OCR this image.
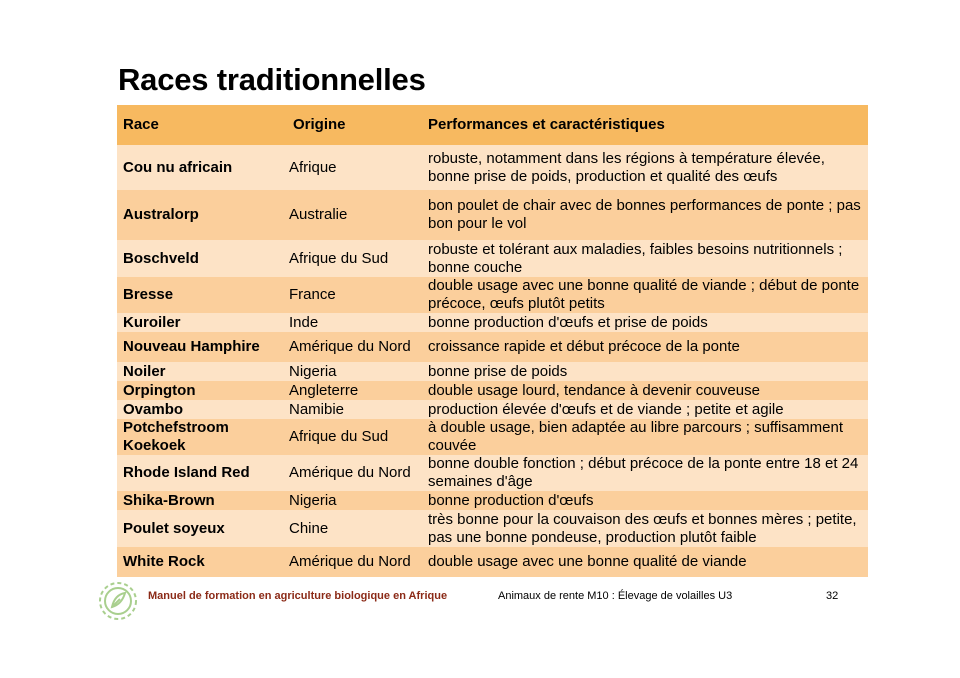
Races traditionnelles
Race	Origine	Performances et caractéristiques
Cou nu africain	Afrique	robuste, notamment dans les régions à température élevée, bonne prise de poids, production et qualité des œufs
Australorp	Australie	bon poulet de chair avec de bonnes performances de ponte ; pas bon pour le vol
Boschveld	Afrique du Sud	robuste et tolérant aux maladies, faibles besoins nutritionnels ; bonne couche
Bresse	France	double usage avec une bonne qualité de viande ; début de ponte précoce, œufs plutôt petits
Kuroiler	Inde	bonne production d'œufs et prise de poids
Nouveau Hamphire	Amérique du Nord	croissance rapide et début précoce de la ponte
Noiler	Nigeria	bonne prise de poids
Orpington	Angleterre	double usage lourd, tendance à devenir couveuse
Ovambo	Namibie	production élevée d'œufs et de viande ; petite et agile
Potchefstroom Koekoek	Afrique du Sud	à double usage, bien adaptée au libre parcours ; suffisamment couvée
Rhode Island Red	Amérique du Nord	bonne double fonction ; début précoce de la ponte entre 18 et 24 semaines d'âge
Shika-Brown	Nigeria	bonne production d'œufs
Poulet soyeux	Chine	très bonne pour la couvaison des œufs et bonnes mères ; petite, pas une bonne pondeuse, production plutôt faible
White Rock	Amérique du Nord	double usage avec une bonne qualité de viande
Manuel de formation en agriculture biologique en Afrique	Animaux de rente M10 : Élevage de volailles U3	32
